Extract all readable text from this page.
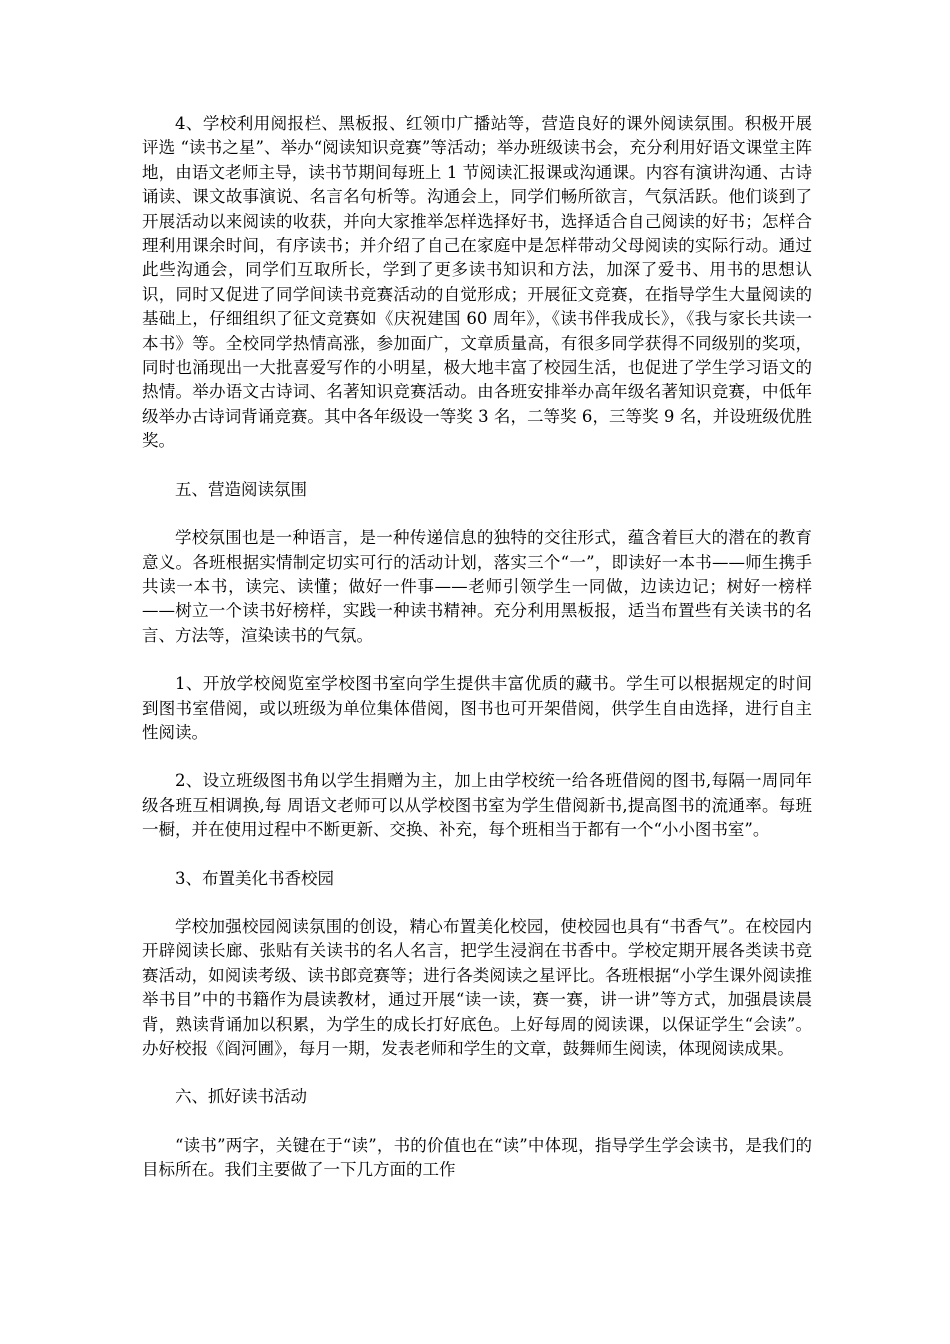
4、学校利用阅报栏、黑板报、红领巾广播站等，营造良好的课外阅读氛围。积极开展评选 “读书之星”、举办“阅读知识竞赛”等活动；举办班级读书会，充分利用好语文课堂主阵地，由语文老师主导，读书节期间每班上 1 节阅读汇报课或沟通课。内容有演讲沟通、古诗诵读、课文故事演说、名言名句析等。沟通会上，同学们畅所欲言，气氛活跃。他们谈到了开展活动以来阅读的收获，并向大家推举怎样选择好书，选择适合自己阅读的好书；怎样合理利用课余时间，有序读书；并介绍了自己在家庭中是怎样带动父母阅读的实际行动。通过此些沟通会，同学们互取所长，学到了更多读书知识和方法，加深了爱书、用书的思想认识，同时又促进了同学间读书竞赛活动的自觉形成；开展征文竞赛，在指导学生大量阅读的基础上，仔细组织了征文竞赛如《庆祝建国 60 周年》，《读书伴我成长》，《我与家长共读一本书》等。全校同学热情高涨，参加面广，文章质量高，有很多同学获得不同级别的奖项，同时也涌现出一大批喜爱写作的小明星，极大地丰富了校园生活，也促进了学生学习语文的热情。举办语文古诗词、名著知识竞赛活动。由各班安排举办高年级名著知识竞赛，中低年级举办古诗词背诵竞赛。其中各年级设一等奖 3 名，二等奖 6，三等奖 9 名，并设班级优胜奖。

五、营造阅读氛围

学校氛围也是一种语言，是一种传递信息的独特的交往形式，蕴含着巨大的潜在的教育意义。各班根据实情制定切实可行的活动计划，落实三个“一”，即读好一本书——师生携手共读一本书，读完、读懂；做好一件事——老师引领学生一同做，边读边记；树好一榜样——树立一个读书好榜样，实践一种读书精神。充分利用黑板报，适当布置些有关读书的名言、方法等，渲染读书的气氛。

1、开放学校阅览室学校图书室向学生提供丰富优质的藏书。学生可以根据规定的时间到图书室借阅，或以班级为单位集体借阅，图书也可开架借阅，供学生自由选择，进行自主性阅读。

2、设立班级图书角以学生捐赠为主，加上由学校统一给各班借阅的图书,每隔一周同年级各班互相调换,每 周语文老师可以从学校图书室为学生借阅新书,提高图书的流通率。每班一橱，并在使用过程中不断更新、交换、补充，每个班相当于都有一个“小小图书室”。

3、布置美化书香校园

学校加强校园阅读氛围的创设，精心布置美化校园，使校园也具有“书香气”。在校园内开辟阅读长廊、张贴有关读书的名人名言，把学生浸润在书香中。学校定期开展各类读书竞赛活动，如阅读考级、读书郎竞赛等；进行各类阅读之星评比。各班根据“小学生课外阅读推举书目”中的书籍作为晨读教材，通过开展“读一读，赛一赛，讲一讲”等方式，加强晨读晨背，熟读背诵加以积累，为学生的成长打好底色。上好每周的阅读课，以保证学生“会读”。办好校报《阎河圃》，每月一期，发表老师和学生的文章，鼓舞师生阅读，体现阅读成果。

六、抓好读书活动

“读书”两字，关键在于“读”，书的价值也在“读”中体现，指导学生学会读书，是我们的目标所在。我们主要做了一下几方面的工作
